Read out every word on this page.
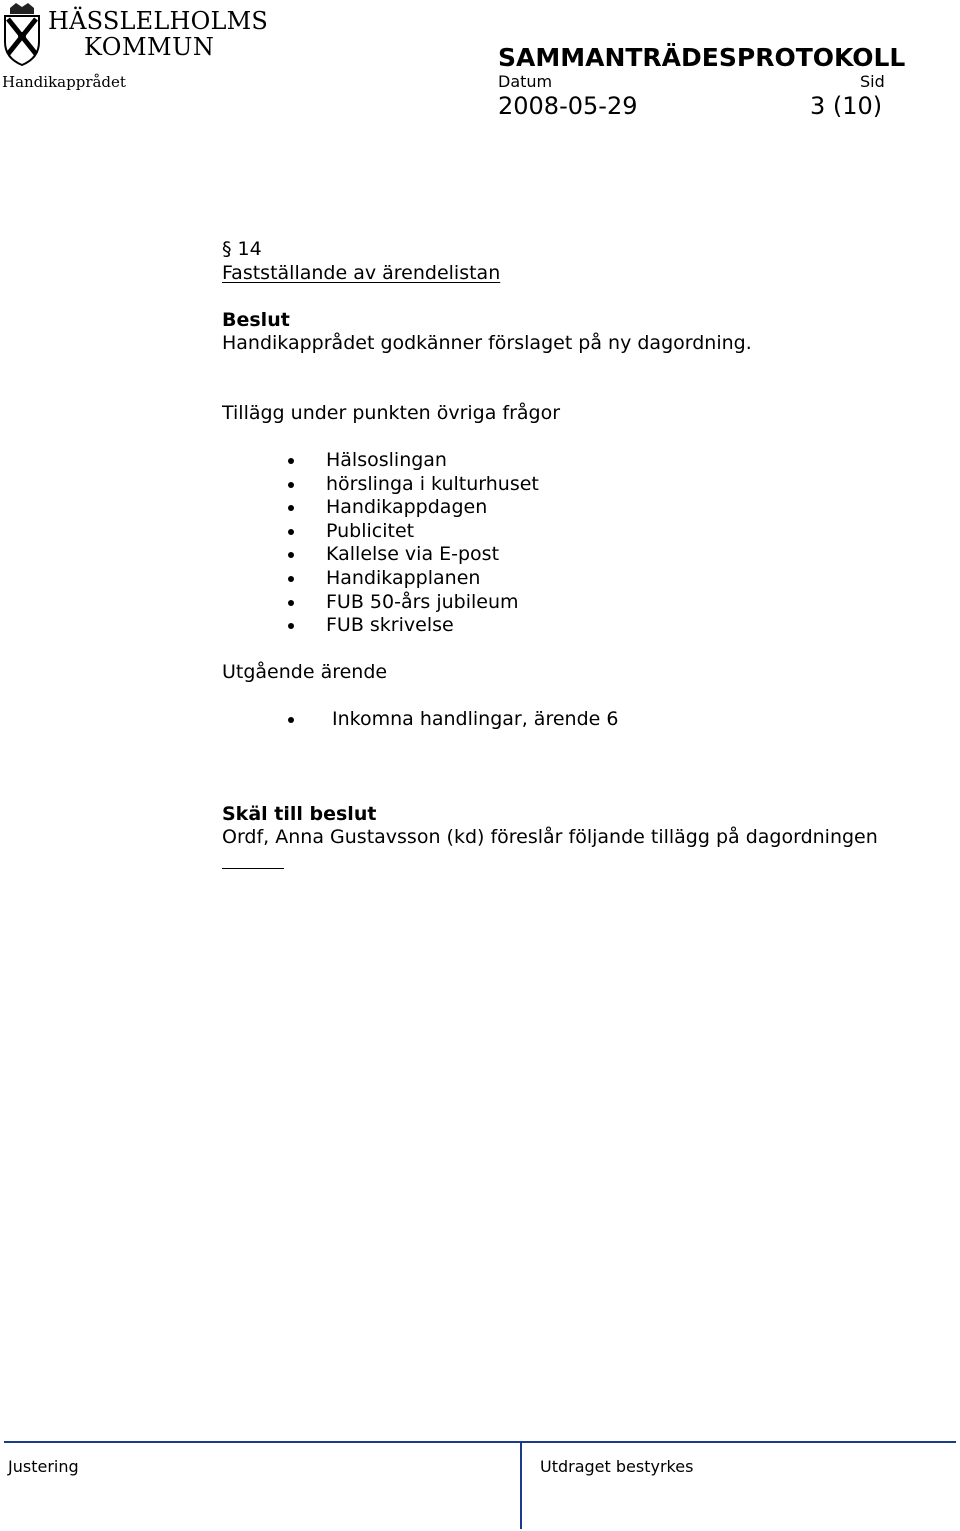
HÄSSLELHOLMS
KOMMUN
Handikapprådet
SAMMANTRÄDESPROTOKOLL
Datum	Sid
2008-05-29	3 (10)
§ 14
Fastställande av ärendelistan
Beslut
Handikapprådet godkänner förslaget på ny dagordning.
Tillägg under punkten övriga frågor
Hälsoslingan
hörslinga i kulturhuset
Handikappdagen
Publicitet
Kallelse via E-post
Handikapplanen
FUB 50-års jubileum
FUB skrivelse
Utgående ärende
Inkomna handlingar, ärende 6
Skäl till beslut
Ordf, Anna Gustavsson (kd) föreslår följande tillägg på dagordningen
Justering	Utdraget bestyrkes
